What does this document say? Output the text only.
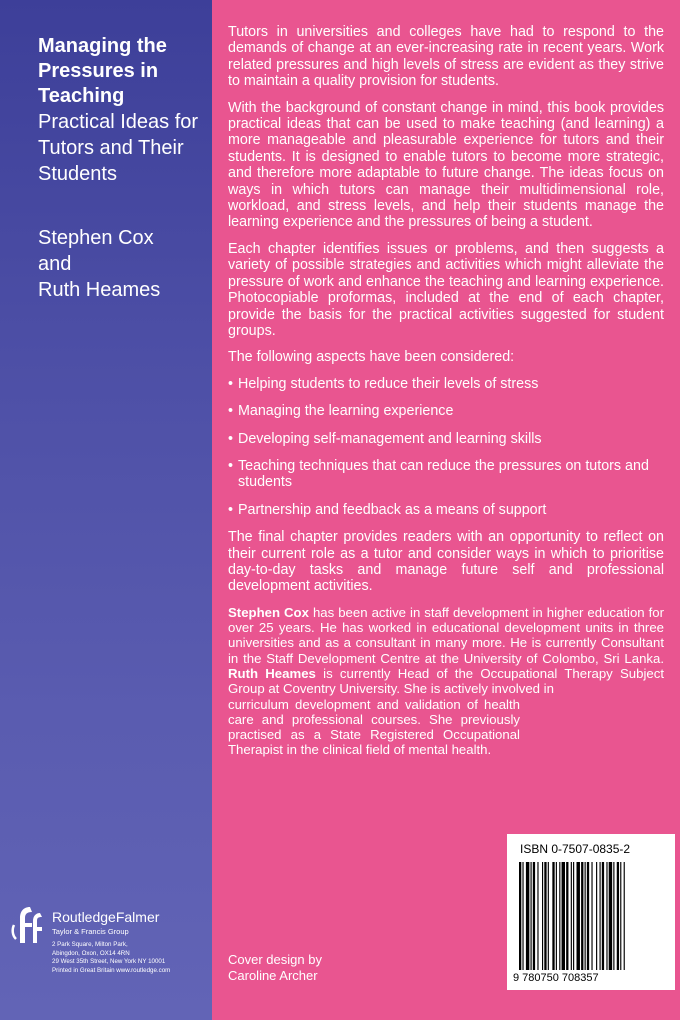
Managing the Pressures in Teaching
Practical Ideas for Tutors and Their Students
Stephen Cox
and
Ruth Heames
RoutledgeFalmer
Taylor & Francis Group
2 Park Square, Milton Park,
Abingdon, Oxon, OX14 4RN
29 West 35th Street, New York NY 10001
Printed in Great Britain www.routledge.com

Tutors in universities and colleges have had to respond to the demands of change at an ever-increasing rate in recent years. Work related pressures and high levels of stress are evident as they strive to maintain a quality provision for students.

With the background of constant change in mind, this book provides practical ideas that can be used to make teaching (and learning) a more manageable and pleasurable experience for tutors and their students. It is designed to enable tutors to become more strategic, and therefore more adaptable to future change. The ideas focus on ways in which tutors can manage their multidimensional role, workload, and stress levels, and help their students manage the learning experience and the pressures of being a student.

Each chapter identifies issues or problems, and then suggests a variety of possible strategies and activities which might alleviate the pressure of work and enhance the teaching and learning experience. Photocopiable proformas, included at the end of each chapter, provide the basis for the practical activities suggested for student groups.

The following aspects have been considered:

• Helping students to reduce their levels of stress
• Managing the learning experience
• Developing self-management and learning skills
• Teaching techniques that can reduce the pressures on tutors and students
• Partnership and feedback as a means of support

The final chapter provides readers with an opportunity to reflect on their current role as a tutor and consider ways in which to prioritise day-to-day tasks and manage future self and professional development activities.

Stephen Cox has been active in staff development in higher education for over 25 years. He has worked in educational development units in three universities and as a consultant in many more. He is currently Consultant in the Staff Development Centre at the University of Colombo, Sri Lanka. Ruth Heames is currently Head of the Occupational Therapy Subject Group at Coventry University. She is actively involved in
curriculum development and validation of health care and professional courses. She previously practised as a State Registered Occupational Therapist in the clinical field of mental health.
Cover design by
Caroline Archer
ISBN 0-7507-0835-2
9 780750 708357
